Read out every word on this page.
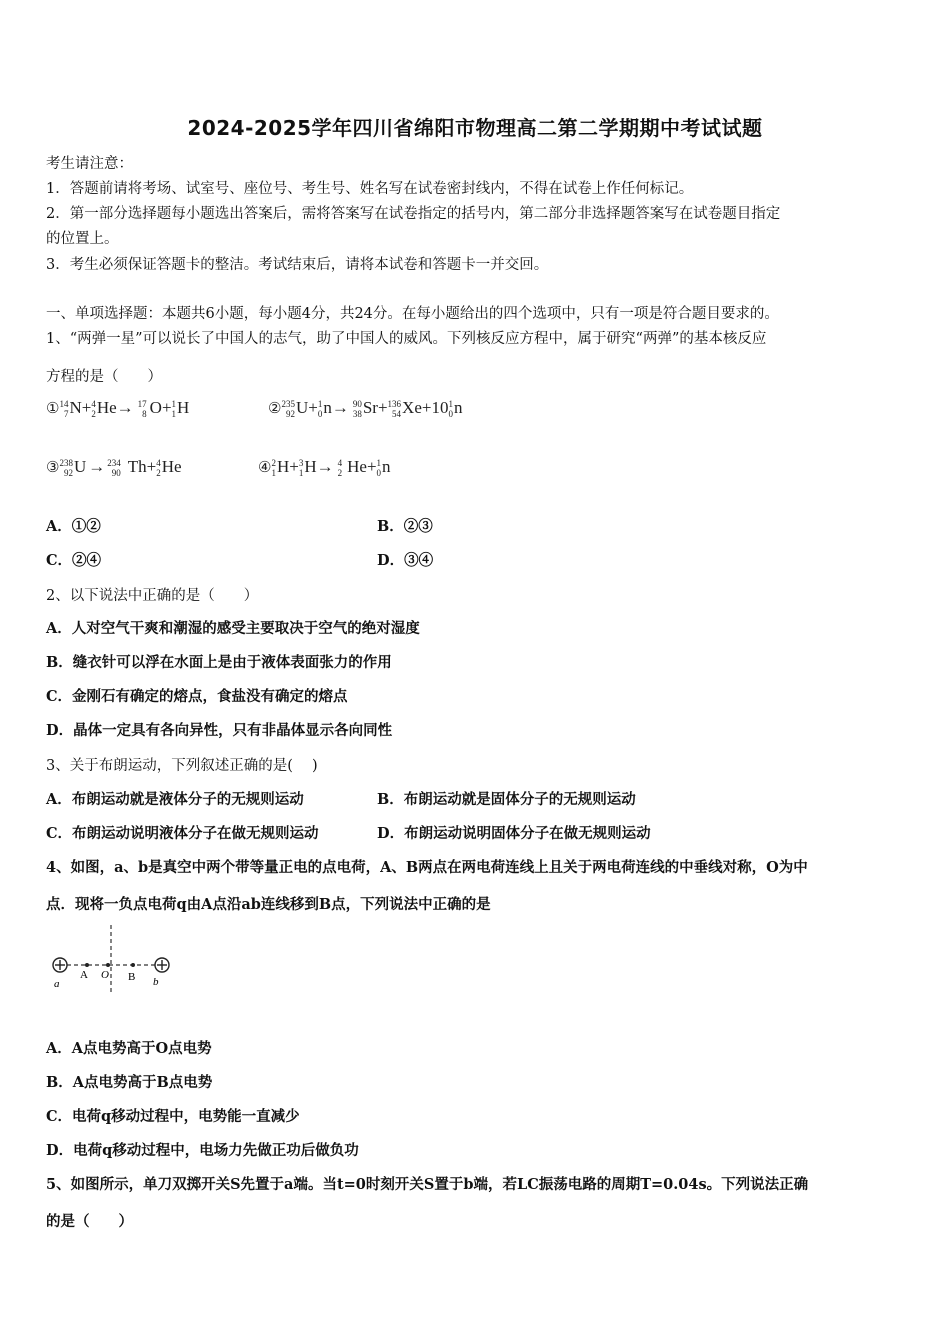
2024-2025学年四川省绵阳市物理高二第二学期期中考试试题
考生请注意：
1．答题前请将考场、试室号、座位号、考生号、姓名写在试卷密封线内，不得在试卷上作任何标记。
2．第一部分选择题每小题选出答案后，需将答案写在试卷指定的括号内，第二部分非选择题答案写在试卷题目指定
的位置上。
3．考生必须保证答题卡的整洁。考试结束后，请将本试卷和答题卡一并交回。
一、单项选择题：本题共6小题，每小题4分，共24分。在每小题给出的四个选项中，只有一项是符合题目要求的。
1、“两弹一星”可以说长了中国人的志气，助了中国人的威风。下列核反应方程中，属于研究“两弹”的基本核反应
方程的是（　　）
① 14
7 N+ 4
2 He→ 17
8 O+ 1
1 H	② 235
92 U+ 1
0 n→ 90
38 Sr+ 136
54 Xe+10 1
0 n
③ 238
92 U → 234
90 Th+ 4
2 He	④ 2
1 H+ 3
1 H→ 4
2 He+ 1
0 n
A．①②	B．②③
C．②④	D．③④
2、以下说法中正确的是（　　）
A．人对空气干爽和潮湿的感受主要取决于空气的绝对湿度
B．缝衣针可以浮在水面上是由于液体表面张力的作用
C．金刚石有确定的熔点，食盐没有确定的熔点
D．晶体一定具有各向异性，只有非晶体显示各向同性
3、关于布朗运动，下列叙述正确的是(　 )
A．布朗运动就是液体分子的无规则运动	B．布朗运动就是固体分子的无规则运动
C．布朗运动说明液体分子在做无规则运动	D．布朗运动说明固体分子在做无规则运动
4、如图，a、b是真空中两个带等量正电的点电荷，A、B两点在两电荷连线上且关于两电荷连线的中垂线对称，O为中
点．现将一负点电荷q由A点沿ab连线移到B点，下列说法中正确的是
a
A O B b
A．A点电势高于O点电势
B．A点电势高于B点电势
C．电荷q移动过程中，电势能一直减少
D．电荷q移动过程中，电场力先做正功后做负功
5、如图所示，单刀双掷开关S先置于a端。当t=0时刻开关S置于b端，若LC振荡电路的周期T=0.04s。下列说法正确
的是（　　）
